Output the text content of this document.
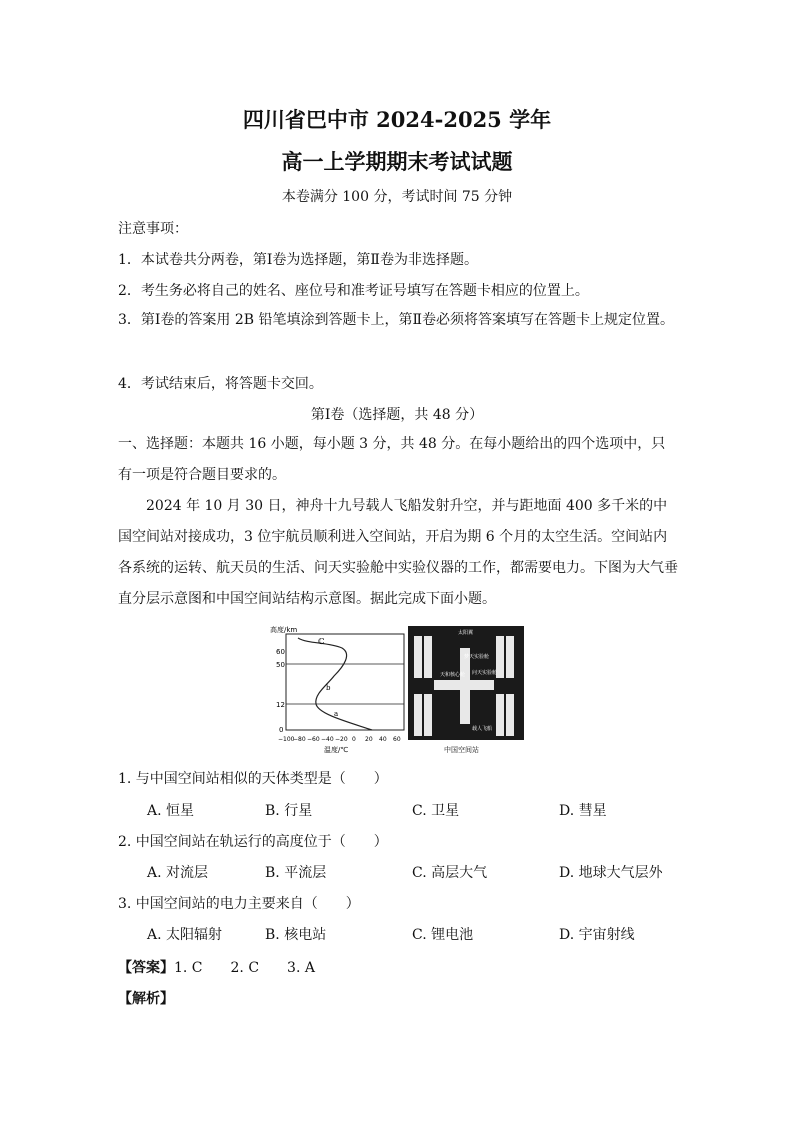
四川省巴中市 2024-2025 学年
高一上学期期末考试试题
本卷满分 100 分，考试时间 75 分钟
注意事项：
1．本试卷共分两卷，第Ⅰ卷为选择题，第Ⅱ卷为非选择题。
2．考生务必将自己的姓名、座位号和准考证号填写在答题卡相应的位置上。
3．第Ⅰ卷的答案用 2B 铅笔填涂到答题卡上，第Ⅱ卷必须将答案填写在答题卡上规定位置。
4．考试结束后，将答题卡交回。
第Ⅰ卷（选择题，共 48 分）
一、选择题：本题共 16 小题，每小题 3 分，共 48 分。在每小题给出的四个选项中，只有一项是符合题目要求的。
2024 年 10 月 30 日，神舟十九号载人飞船发射升空，并与距地面 400 多千米的中国空间站对接成功，3 位宇航员顺利进入空间站，开启为期 6 个月的太空生活。空间站内各系统的运转、航天员的生活、问天实验舱中实验仪器的工作，都需要电力。下图为大气垂直分层示意图和中国空间站结构示意图。据此完成下面小题。
高度/km
60
50
12
0
ℂ
b
a
−100
−80 −60 −40 −20 0 20 40 60
温度/℃
太阳翼
梦天实验舱
天和核心舱 问天实验舱
载人飞船
中国空间站
1. 与中国空间站相似的天体类型是（　　）
A. 恒星	B. 行星	C. 卫星	D. 彗星
2. 中国空间站在轨运行的高度位于（　　）
A. 对流层	B. 平流层	C. 高层大气	D. 地球大气层外
3. 中国空间站的电力主要来自（　　）
A. 太阳辐射	B. 核电站	C. 锂电池	D. 宇宙射线
【答案】1. C　　2. C　　3. A
【解析】
